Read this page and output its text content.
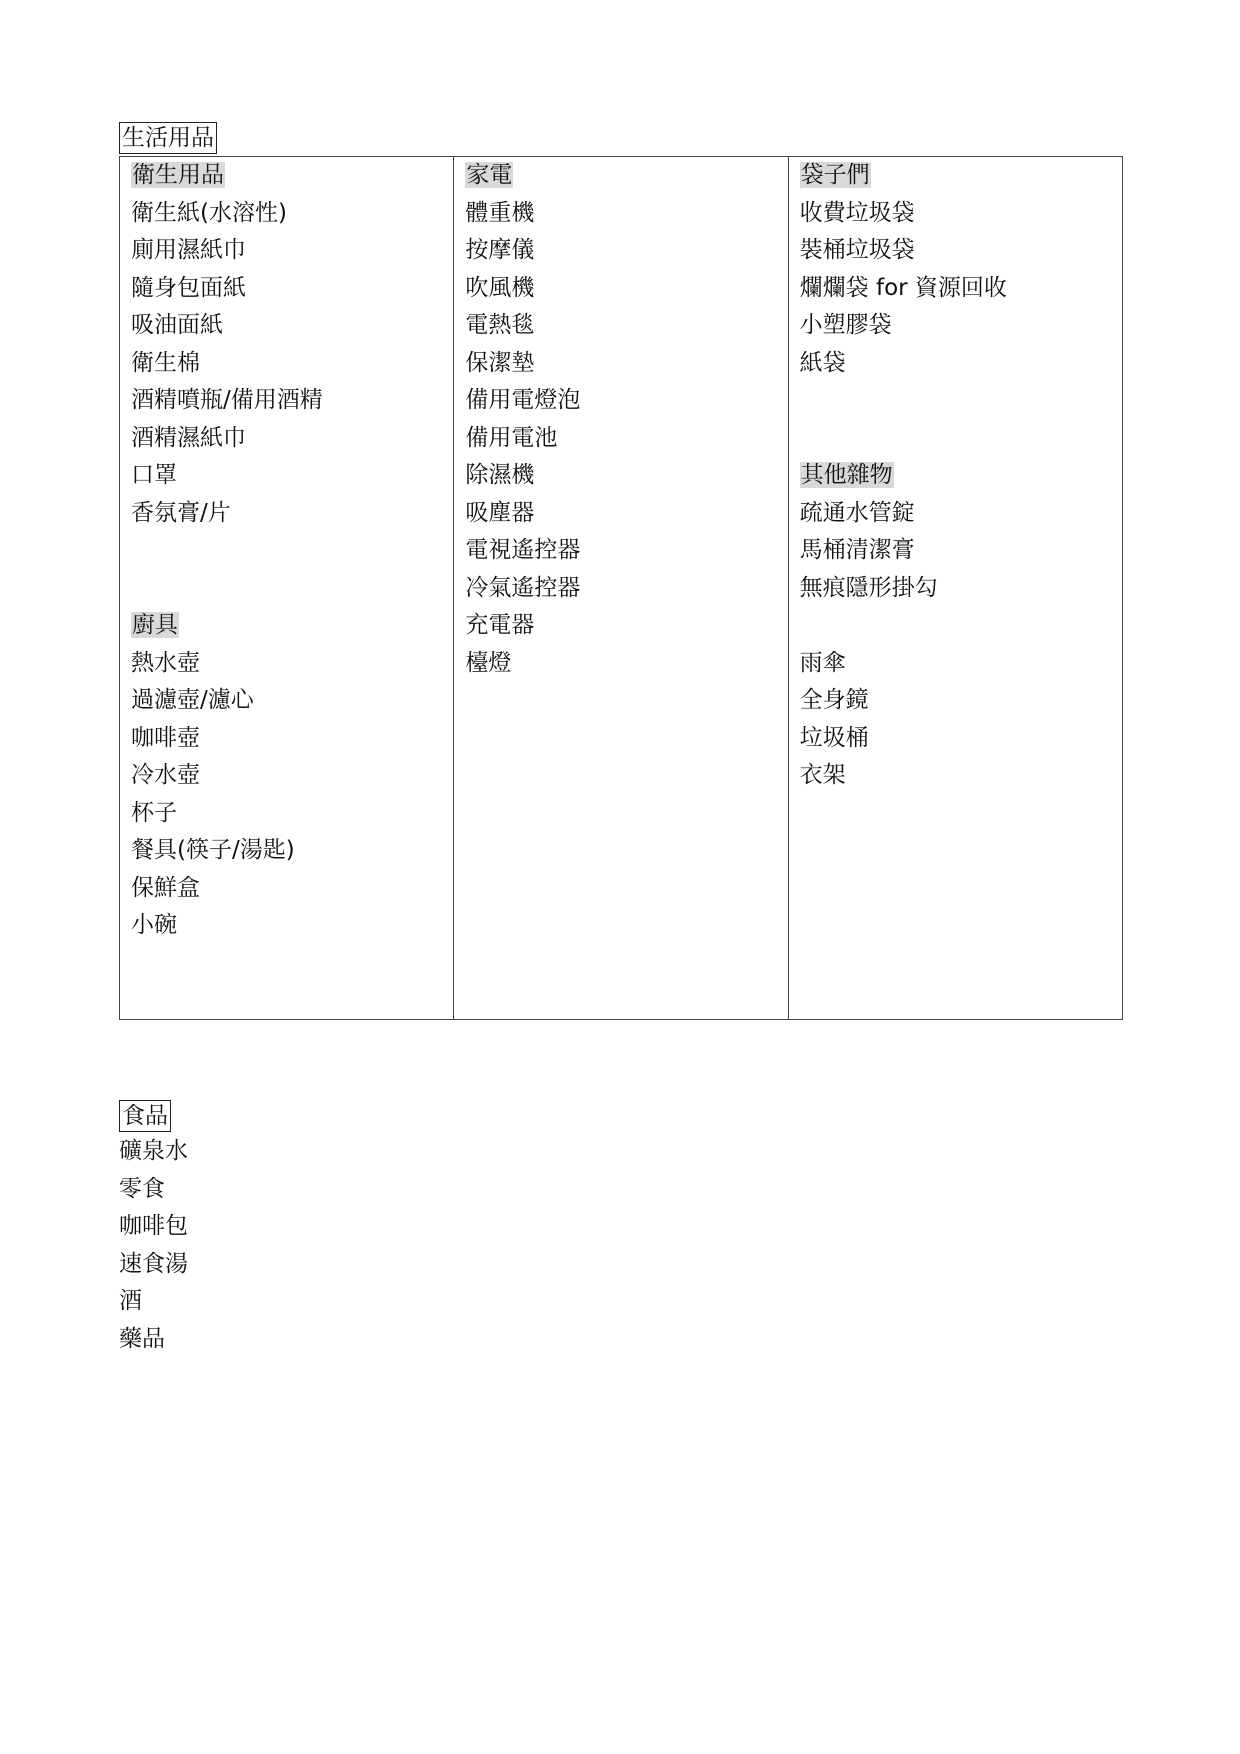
生活用品
衛生用品
衛生紙(水溶性)
廁用濕紙巾
隨身包面紙
吸油面紙
衛生棉
酒精噴瓶/備用酒精
酒精濕紙巾
口罩
香氛膏/片
廚具
熱水壺
過濾壺/濾心
咖啡壺
冷水壺
杯子
餐具(筷子/湯匙)
保鮮盒
小碗
家電
體重機
按摩儀
吹風機
電熱毯
保潔墊
備用電燈泡
備用電池
除濕機
吸塵器
電視遙控器
冷氣遙控器
充電器
檯燈
袋子們
收費垃圾袋
裝桶垃圾袋
爛爛袋 for 資源回收
小塑膠袋
紙袋
其他雜物
疏通水管錠
馬桶清潔膏
無痕隱形掛勾
雨傘
全身鏡
垃圾桶
衣架
食品
礦泉水
零食
咖啡包
速食湯
酒
藥品
